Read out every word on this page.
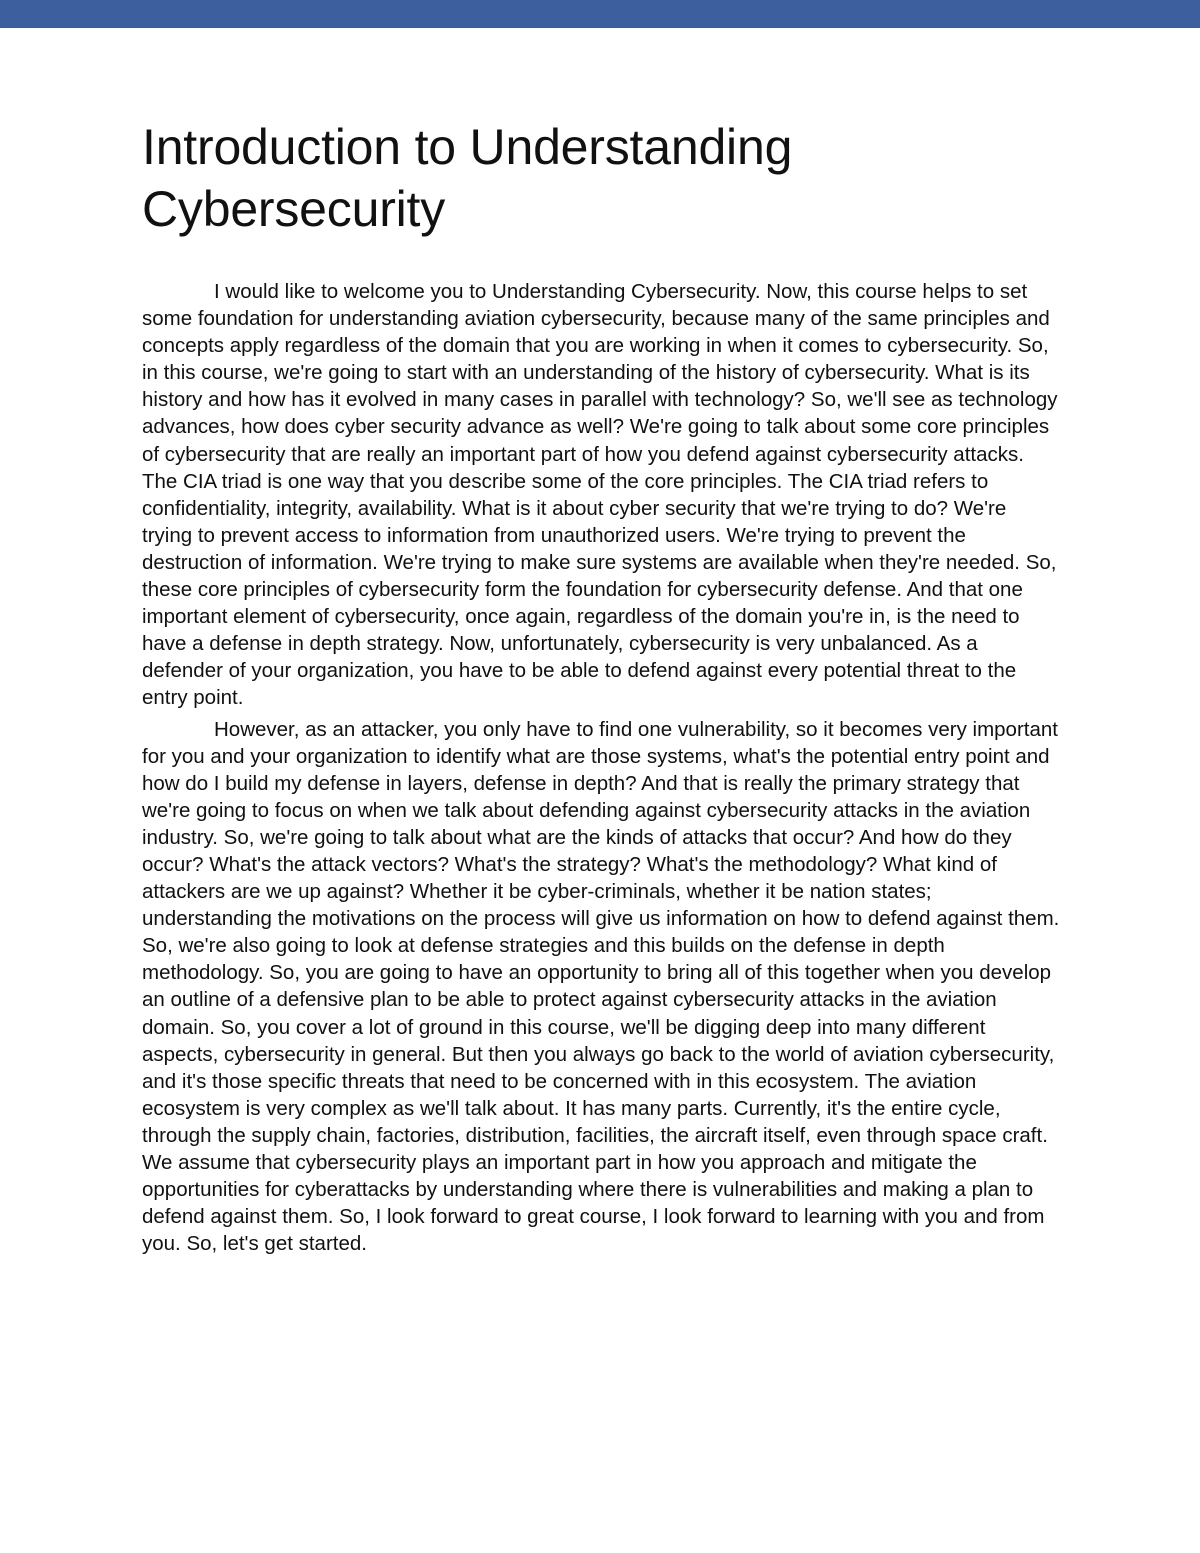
Introduction to Understanding Cybersecurity

I would like to welcome you to Understanding Cybersecurity. Now, this course helps to set some foundation for understanding aviation cybersecurity, because many of the same principles and concepts apply regardless of the domain that you are working in when it comes to cybersecurity. So, in this course, we're going to start with an understanding of the history of cybersecurity. What is its history and how has it evolved in many cases in parallel with technology? So, we'll see as technology advances, how does cyber security advance as well? We're going to talk about some core principles of cybersecurity that are really an important part of how you defend against cybersecurity attacks. The CIA triad is one way that you describe some of the core principles. The CIA triad refers to confidentiality, integrity, availability. What is it about cyber security that we're trying to do? We're trying to prevent access to information from unauthorized users. We're trying to prevent the destruction of information. We're trying to make sure systems are available when they're needed. So, these core principles of cybersecurity form the foundation for cybersecurity defense. And that one important element of cybersecurity, once again, regardless of the domain you're in, is the need to have a defense in depth strategy. Now, unfortunately, cybersecurity is very unbalanced. As a defender of your organization, you have to be able to defend against every potential threat to the entry point.

However, as an attacker, you only have to find one vulnerability, so it becomes very important for you and your organization to identify what are those systems, what's the potential entry point and how do I build my defense in layers, defense in depth? And that is really the primary strategy that we're going to focus on when we talk about defending against cybersecurity attacks in the aviation industry. So, we're going to talk about what are the kinds of attacks that occur? And how do they occur? What's the attack vectors? What's the strategy? What's the methodology? What kind of attackers are we up against? Whether it be cyber-criminals, whether it be nation states; understanding the motivations on the process will give us information on how to defend against them. So, we're also going to look at defense strategies and this builds on the defense in depth methodology. So, you are going to have an opportunity to bring all of this together when you develop an outline of a defensive plan to be able to protect against cybersecurity attacks in the aviation domain. So, you cover a lot of ground in this course, we'll be digging deep into many different aspects, cybersecurity in general. But then you always go back to the world of aviation cybersecurity, and it's those specific threats that need to be concerned with in this ecosystem. The aviation ecosystem is very complex as we'll talk about. It has many parts. Currently, it's the entire cycle, through the supply chain, factories, distribution, facilities, the aircraft itself, even through space craft. We assume that cybersecurity plays an important part in how you approach and mitigate the opportunities for cyberattacks by understanding where there is vulnerabilities and making a plan to defend against them. So, I look forward to great course, I look forward to learning with you and from you. So, let's get started.
